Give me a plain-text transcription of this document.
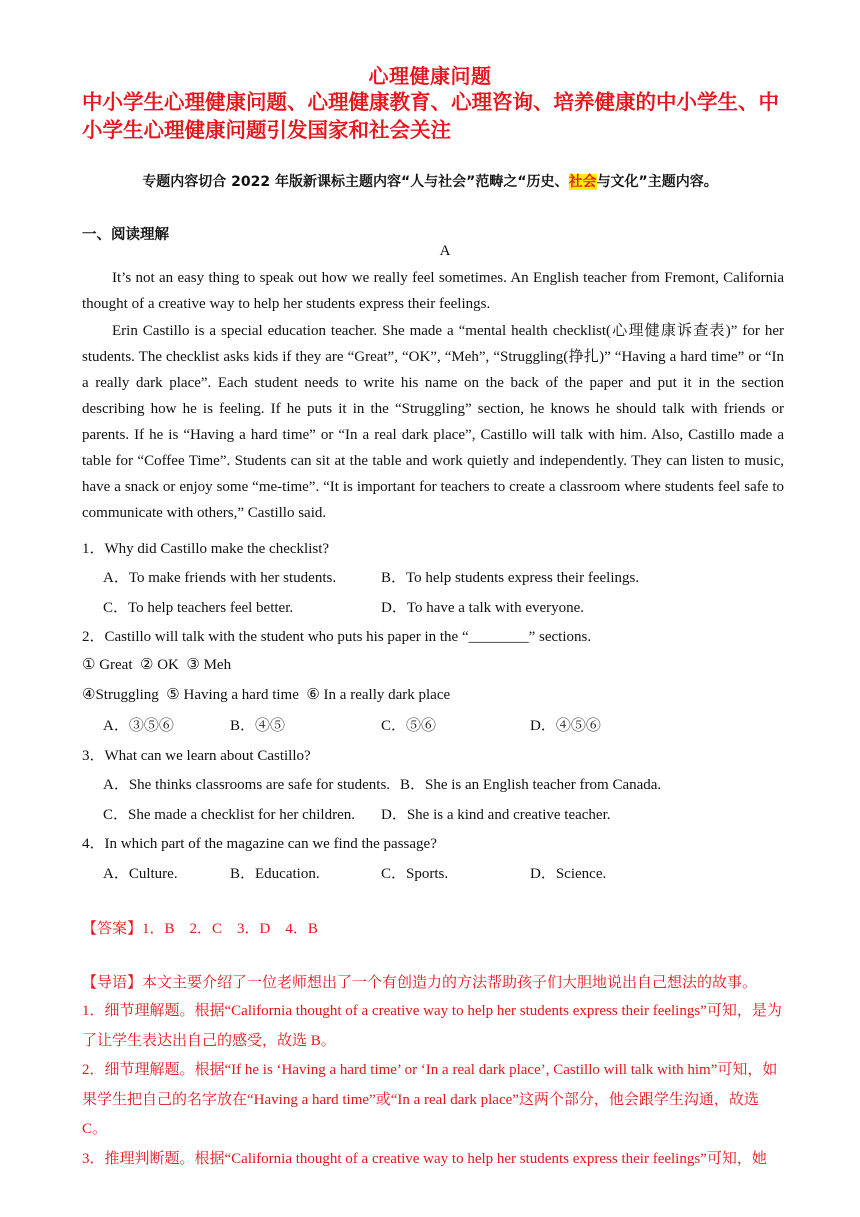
心理健康问题
中小学生心理健康问题、心理健康教育、心理咨询、培养健康的中小学生、中小学生心理健康问题引发国家和社会关注
专题内容切合 2022 年版新课标主题内容“人与社会”范畴之“历史、社会与文化”主题内容。
一、阅读理解
A

It’s not an easy thing to speak out how we really feel sometimes. An English teacher from Fremont, California thought of a creative way to help her students express their feelings.

Erin Castillo is a special education teacher. She made a “mental health checklist(心理健康诉查表)” for her students. The checklist asks kids if they are “Great”, “OK”, “Meh”, “Struggling(挣扎)” “Having a hard time” or “In a really dark place”. Each student needs to write his name on the back of the paper and put it in the section describing how he is feeling. If he puts it in the “Struggling” section, he knows he should talk with friends or parents. If he is “Having a hard time” or “In a real dark place”, Castillo will talk with him. Also, Castillo made a table for “Coffee Time”. Students can sit at the table and work quietly and independently. They can listen to music, have a snack or enjoy some “me-time”. “It is important for teachers to create a classroom where students feel safe to communicate with others,” Castillo said.

1．Why did Castillo make the checklist?
A．To make friends with her students.	B．To help students express their feelings.
C．To help teachers feel better.	D．To have a talk with everyone.
2．Castillo will talk with the student who puts his paper in the “________” sections.
① Great  ② OK  ③ Meh
④Struggling  ⑤ Having a hard time  ⑥ In a really dark place
A．③⑤⑥	B．④⑤	C．⑤⑥	D．④⑤⑥
3．What can we learn about Castillo?
A．She thinks classrooms are safe for students. B．She is an English teacher from Canada.
C．She made a checklist for her children. D．She is a kind and creative teacher.
4．In which part of the magazine can we find the passage?
A．Culture.	B．Education.	C．Sports.	D．Science.
【答案】1．B　2．C　3．D　4．B

【导语】本文主要介绍了一位老师想出了一个有创造力的方法帮助孩子们大胆地说出自己想法的故事。

1．细节理解题。根据“California thought of a creative way to help her students express their feelings”可知，是为了让学生表达出自己的感受，故选 B。

2．细节理解题。根据“If he is ‘Having a hard time’ or ‘In a real dark place’, Castillo will talk with him”可知，如果学生把自己的名字放在“Having a hard time”或“In a real dark place”这两个部分，他会跟学生沟通，故选 C。

3．推理判断题。根据“California thought of a creative way to help her students express their feelings”可知，她
